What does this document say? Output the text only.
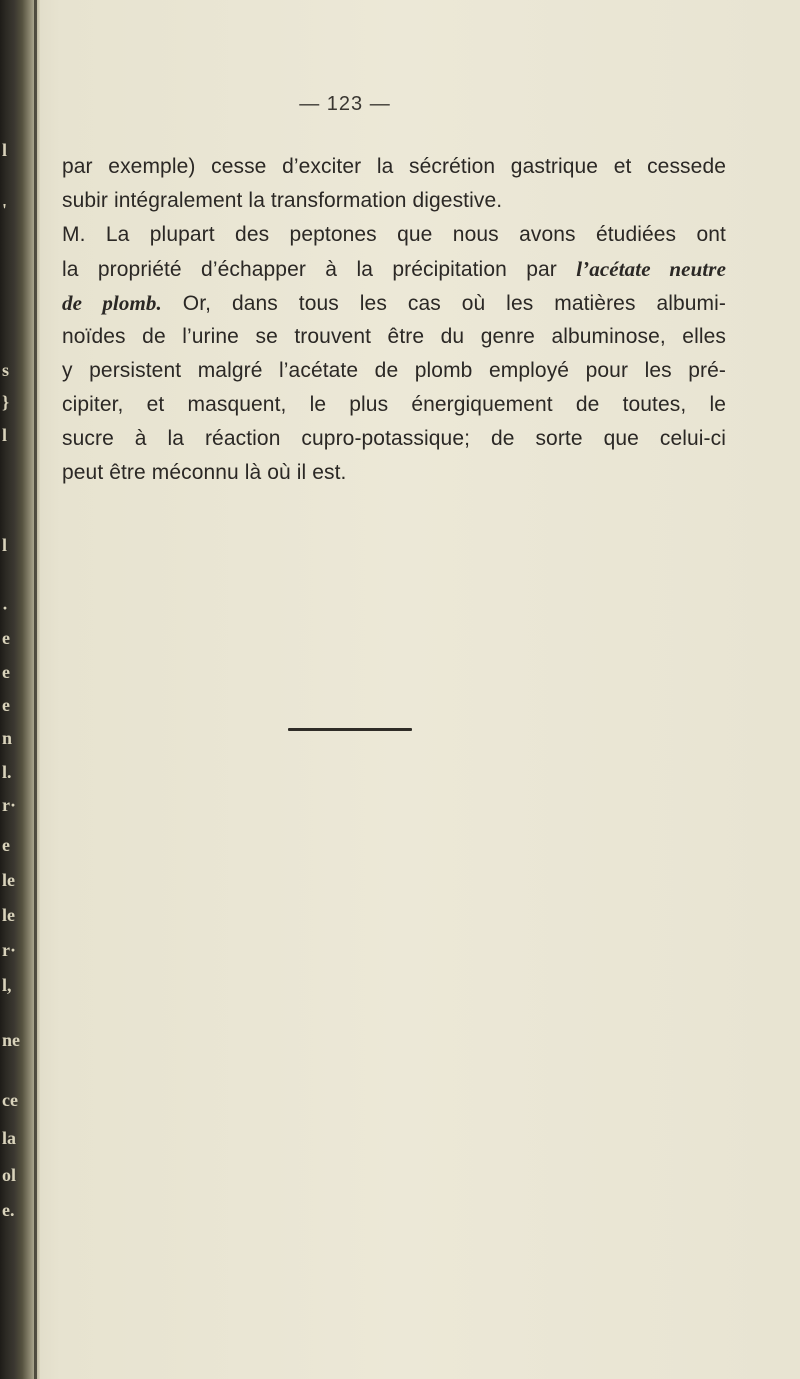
l
'
s
}
l
l
·
e
e
e
n
l.
r·
e
le
le
r·
l,
ne
ce
la
ol
e.
— 123 —
par exemple) cesse d’exciter la sécrétion gastrique et cessede
subir intégralement la transformation digestive.
M. La plupart des peptones que nous avons étudiées ont
la propriété d’échapper à la précipitation par l’acétate neutre
de plomb. Or, dans tous les cas où les matières albumi-
noïdes de l’urine se trouvent être du genre albuminose, elles
y persistent malgré l’acétate de plomb employé pour les pré-
cipiter, et masquent, le plus énergiquement de toutes, le
sucre à la réaction cupro-potassique; de sorte que celui-ci
peut être méconnu là où il est.
